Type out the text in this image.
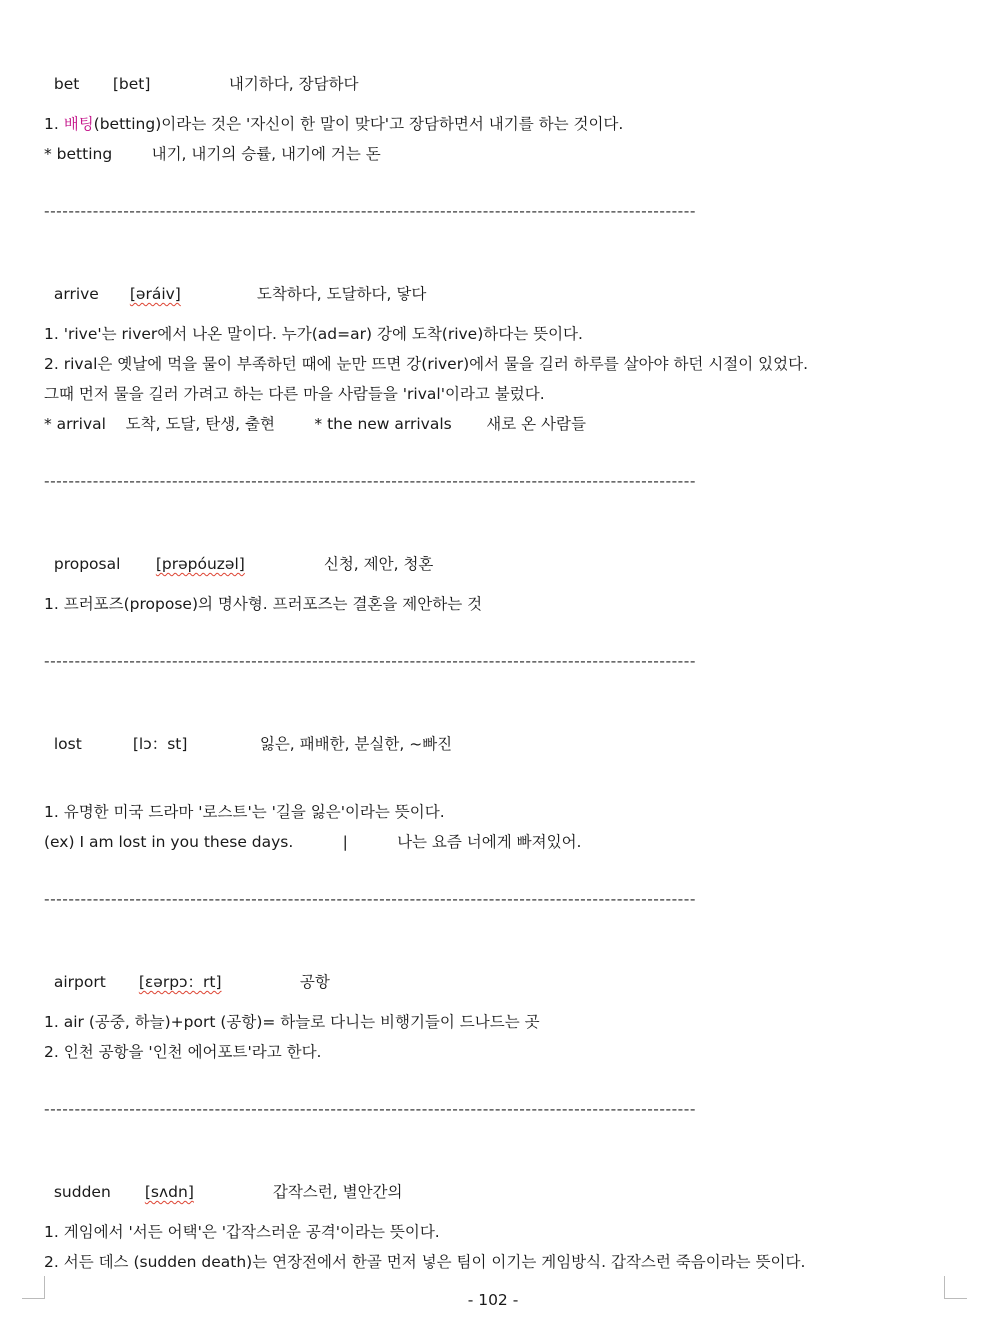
bet [bet]	내기하다, 장담하다

1. 배팅(betting)이라는 것은 '자신이 한 말이 맞다'고 장담하면서 내기를 하는 것이다.
* betting        내기, 내기의 승률, 내기에 거는 돈
-----------------------------------------------------------------------------------------------------------

arrive [əráiv]	도착하다, 도달하다, 닿다

1. 'rive'는 river에서 나온 말이다. 누가(ad=ar) 강에 도착(rive)하다는 뜻이다.
2. rival은 옛날에 먹을 물이 부족하던 때에 눈만 뜨면 강(river)에서 물을 길러 하루를 살아야 하던 시절이 있었다.
그때 먼저 물을 길러 가려고 하는 다른 마을 사람들을 'rival'이라고 불렀다.
* arrival    도착, 도달, 탄생, 출현        * the new arrivals       새로 온 사람들
-----------------------------------------------------------------------------------------------------------

proposal [prəpóuzəl]	신청, 제안, 청혼

1. 프러포즈(propose)의 명사형. 프러포즈는 결혼을 제안하는 것
-----------------------------------------------------------------------------------------------------------

lost	[lɔ：st]	잃은, 패배한, 분실한, ~빠진

1. 유명한 미국 드라마 '로스트'는 '길을 잃은'이라는 뜻이다.
(ex) I am lost in you these days.          |          나는 요즘 너에게 빠져있어.
-----------------------------------------------------------------------------------------------------------

airport [εərpɔ：rt]	공항

1. air (공중, 하늘)+port (공항)= 하늘로 다니는 비행기들이 드나드는 곳
2. 인천 공항을 '인천 에어포트'라고 한다.
-----------------------------------------------------------------------------------------------------------

sudden [sʌdn]	갑작스런, 별안간의

1. 게임에서 '서든 어택'은 '갑작스러운 공격'이라는 뜻이다.
2. 서든 데스 (sudden death)는 연장전에서 한골 먼저 넣은 팀이 이기는 게임방식. 갑작스런 죽음이라는 뜻이다.
- 102 -
